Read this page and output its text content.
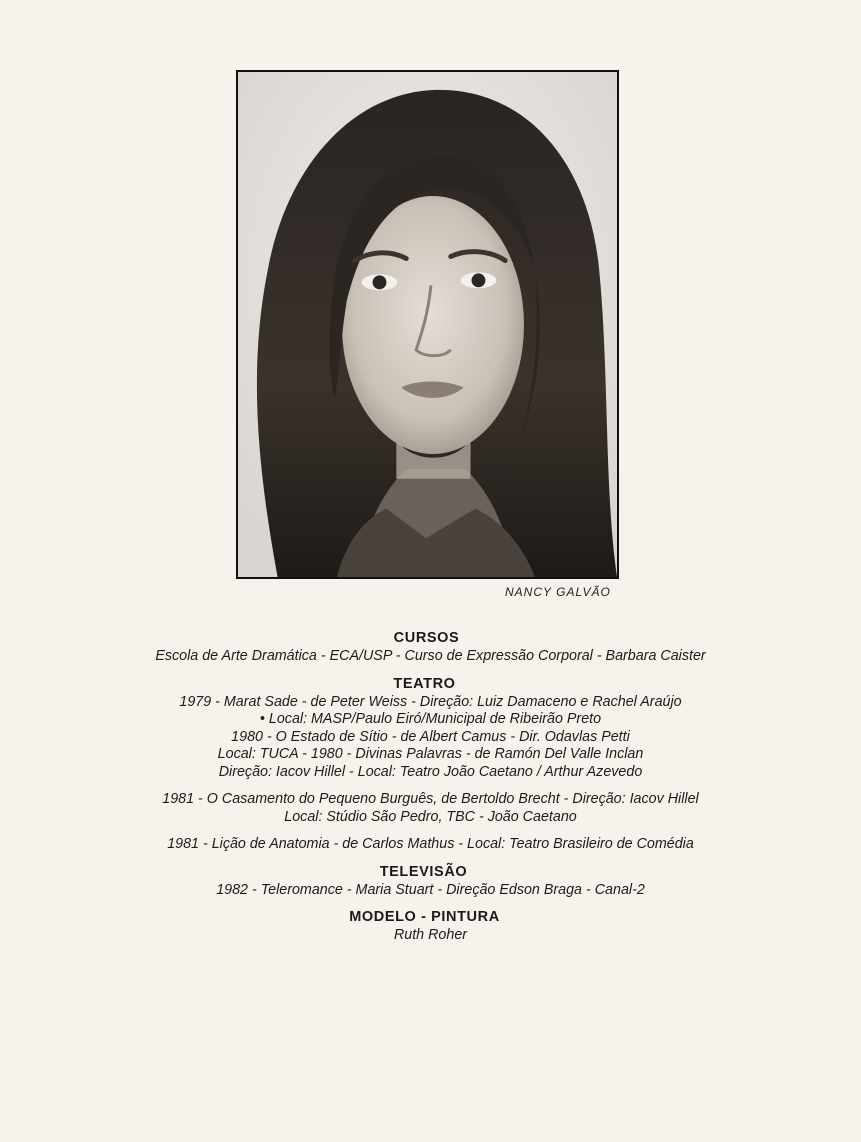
NANCY GALVÃO

CURSOS

Escola de Arte Dramática - ECA/USP - Curso de Expressão Corporal - Barbara Caister

TEATRO

1979 - Marat Sade - de Peter Weiss - Direção: Luiz Damaceno e Rachel Araújo

• Local: MASP/Paulo Eiró/Municipal de Ribeirão Preto

1980 - O Estado de Sítio - de Albert Camus - Dir. Odavlas Petti

Local: TUCA - 1980 - Divinas Palavras - de Ramón Del Valle Inclan

Direção: Iacov Hillel - Local: Teatro João Caetano / Arthur Azevedo

1981 - O Casamento do Pequeno Burguês, de Bertoldo Brecht - Direção: Iacov Hillel

Local: Stúdio São Pedro, TBC - João Caetano

1981 - Lição de Anatomia - de Carlos Mathus - Local: Teatro Brasileiro de Comédia

TELEVISÃO

1982 - Teleromance - Maria Stuart - Direção Edson Braga - Canal-2

MODELO - PINTURA

Ruth Roher
